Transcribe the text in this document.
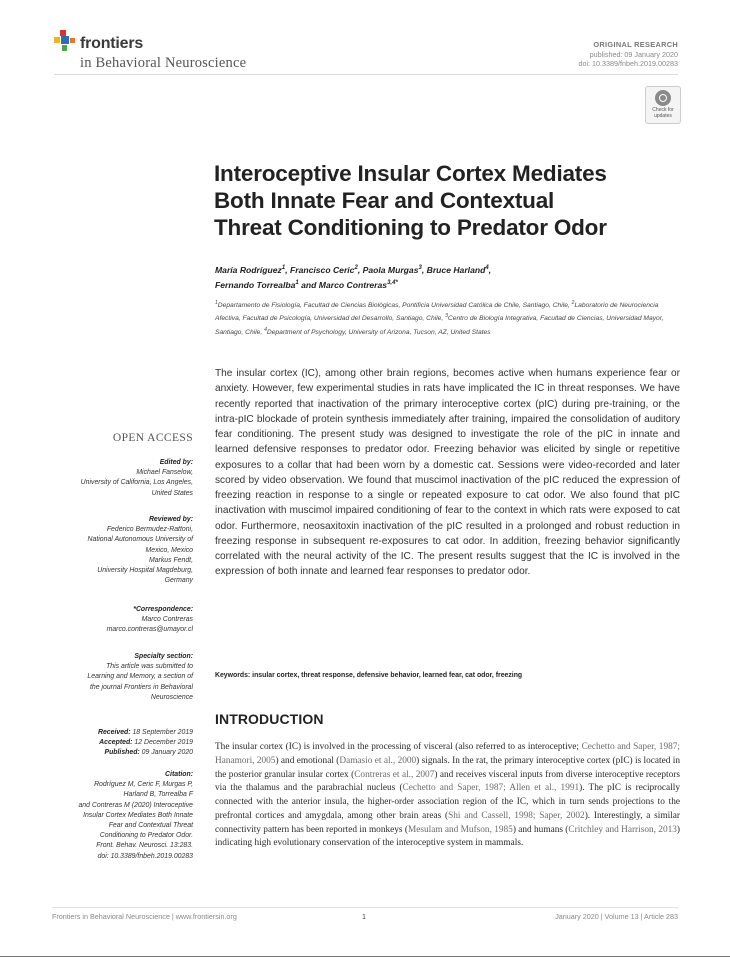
frontiers
in Behavioral Neuroscience
ORIGINAL RESEARCH
published: 09 January 2020
doi: 10.3389/fnbeh.2019.00283
Check for
updates
Interoceptive Insular Cortex Mediates
Both Innate Fear and Contextual
Threat Conditioning to Predator Odor
María Rodríguez$^1$, Francisco Ceric$^2$, Paola Murgas$^3$, Bruce Harland$^4$,
Fernando Torrealba$^1$ and Marco Contreras$^{3,4*}$
$^1$Departamento de Fisiología, Facultad de Ciencias Biológicas, Pontificia Universidad Católica de Chile, Santiago, Chile, $^2$Laboratorio de Neurociencia Afectiva, Facultad de Psicología, Universidad del Desarrollo, Santiago, Chile, $^3$Centro de Biología Integrativa, Facultad de Ciencias, Universidad Mayor, Santiago, Chile, $^4$Department of Psychology, University of Arizona, Tucson, AZ, United States
The insular cortex (IC), among other brain regions, becomes active when humans experience fear or anxiety. However, few experimental studies in rats have implicated the IC in threat responses. We have recently reported that inactivation of the primary interoceptive cortex (pIC) during pre-training, or the intra-pIC blockade of protein synthesis immediately after training, impaired the consolidation of auditory fear conditioning. The present study was designed to investigate the role of the pIC in innate and learned defensive responses to predator odor. Freezing behavior was elicited by single or repetitive exposures to a collar that had been worn by a domestic cat. Sessions were video-recorded and later scored by video observation. We found that muscimol inactivation of the pIC reduced the expression of freezing reaction in response to a single or repeated exposure to cat odor. We also found that pIC inactivation with muscimol impaired conditioning of fear to the context in which rats were exposed to cat odor. Furthermore, neosaxitoxin inactivation of the pIC resulted in a prolonged and robust reduction in freezing response in subsequent re-exposures to cat odor. In addition, freezing behavior significantly correlated with the neural activity of the IC. The present results suggest that the IC is involved in the expression of both innate and learned fear responses to predator odor.
Keywords: insular cortex, threat response, defensive behavior, learned fear, cat odor, freezing
OPEN ACCESS
Edited by:
Michael Fanselow,
University of California, Los Angeles,
United States
Reviewed by:
Federico Bermudez-Rattoni,
National Autonomous University of
Mexico, Mexico
Markus Fendt,
University Hospital Magdeburg,
Germany
*Correspondence:
Marco Contreras
marco.contreras@umayor.cl
Specialty section:
This article was submitted to
Learning and Memory, a section of
the journal Frontiers in Behavioral
Neuroscience
Received: 18 September 2019
Accepted: 12 December 2019
Published: 09 January 2020
Citation:
Rodríguez M, Ceric F, Murgas P,
Harland B, Torrealba F
and Contreras M (2020) Interoceptive
Insular Cortex Mediates Both Innate
Fear and Contextual Threat
Conditioning to Predator Odor.
Front. Behav. Neurosci. 13:283.
doi: 10.3389/fnbeh.2019.00283
INTRODUCTION
The insular cortex (IC) is involved in the processing of visceral (also referred to as interoceptive; Cechetto and Saper, 1987; Hanamori, 2005) and emotional (Damasio et al., 2000) signals. In the rat, the primary interoceptive cortex (pIC) is located in the posterior granular insular cortex (Contreras et al., 2007) and receives visceral inputs from diverse interoceptive receptors via the thalamus and the parabrachial nucleus (Cechetto and Saper, 1987; Allen et al., 1991). The pIC is reciprocally connected with the anterior insula, the higher-order association region of the IC, which in turn sends projections to the prefrontal cortices and amygdala, among other brain areas (Shi and Cassell, 1998; Saper, 2002). Interestingly, a similar connectivity pattern has been reported in monkeys (Mesulam and Mufson, 1985) and humans (Critchley and Harrison, 2013) indicating high evolutionary conservation of the interoceptive system in mammals.
Frontiers in Behavioral Neuroscience | www.frontiersin.org	1	January 2020 | Volume 13 | Article 283
